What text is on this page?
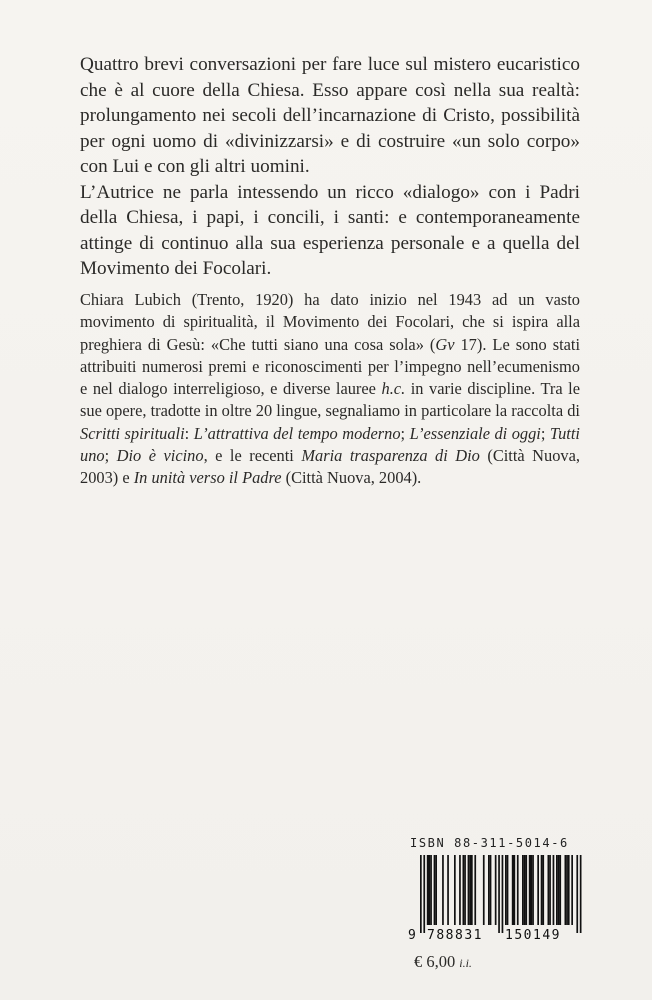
Quattro brevi conversazioni per fare luce sul mistero eucaristico che è al cuore della Chiesa. Esso appare così nella sua realtà: prolungamento nei secoli dell’incarnazione di Cristo, possibilità per ogni uomo di «divinizzarsi» e di costruire «un solo corpo» con Lui e con gli altri uomini.

L’Autrice ne parla intessendo un ricco «dialogo» con i Padri della Chiesa, i papi, i concili, i santi: e contemporaneamente attinge di continuo alla sua esperienza personale e a quella del Movimento dei Focolari.

Chiara Lubich (Trento, 1920) ha dato inizio nel 1943 ad un vasto movimento di spiritualità, il Movimento dei Focolari, che si ispira alla preghiera di Gesù: «Che tutti siano una cosa sola» (Gv 17). Le sono stati attribuiti numerosi premi e riconoscimenti per l’impegno nell’ecumenismo e nel dialogo interreligioso, e diverse lauree h.c. in varie discipline. Tra le sue opere, tradotte in oltre 20 lingue, segnaliamo in particolare la raccolta di Scritti spirituali: L’attrattiva del tempo moderno; L’essenziale di oggi; Tutti uno; Dio è vicino, e le recenti Maria trasparenza di Dio (Città Nuova, 2003) e In unità verso il Padre (Città Nuova, 2004).

ISBN 88-311-5014-6
9 788831 150149
€ 6,00 i.i.
